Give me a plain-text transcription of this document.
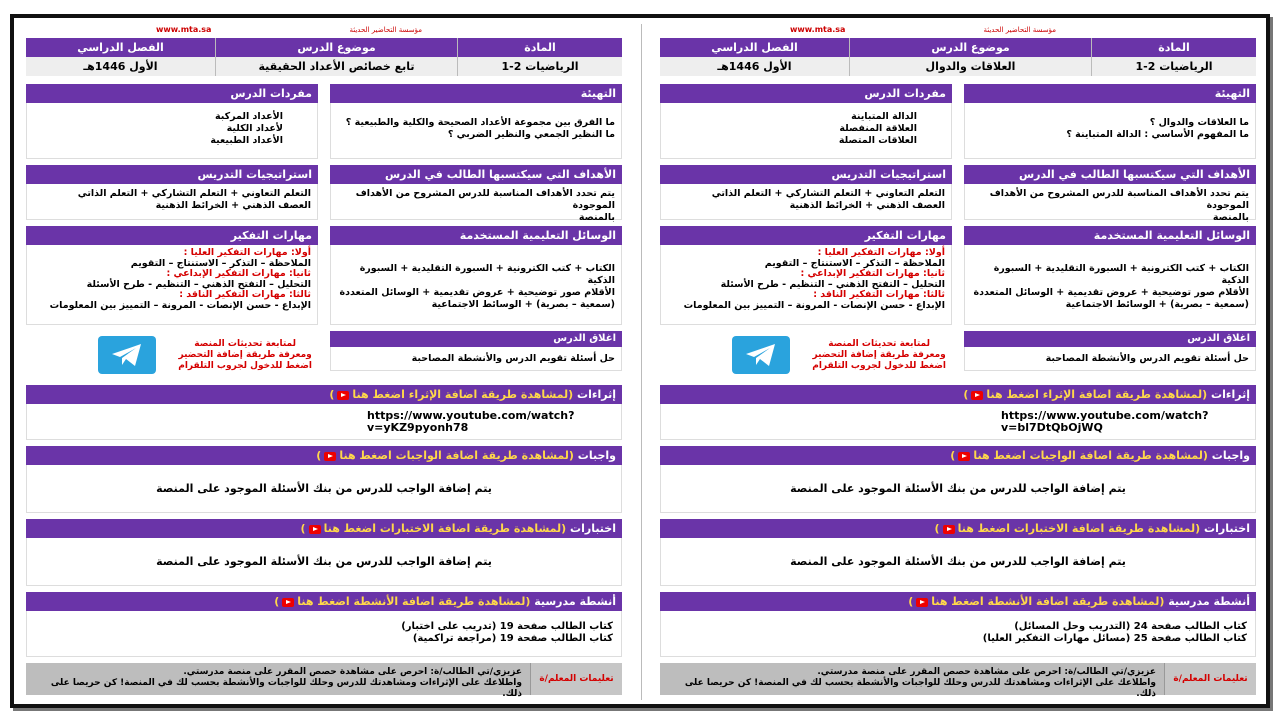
مؤسسة التحاضير الحديثة
www.mta.sa
المادة
الرياضيات 2-1
موضوع الدرس
العلاقات والدوال
الفصل الدراسي
الأول 1446هـ
التهيئة
ما العلاقات والدوال ؟
ما المفهوم الأساسي : الدالة المتباينة ؟
الأهداف التي سيكتسبها الطالب في الدرس
يتم تحدد الأهداف المناسبة للدرس المشروح من الأهداف الموجودة
بالمنصة
الوسائل التعليمية المستخدمة
الكتاب + كتب الكترونية + السبورة التقليدية + السبورة الذكية
الأقلام صور توضيحية + عروض تقديمية + الوسائل المتعددة
(سمعية – بصرية) + الوسائط الاجتماعية
اغلاق الدرس
حل أسئلة تقويم الدرس والأنشطة المصاحبة
مفردات الدرس
الدالة المتباينة
العلاقة المنفصلة
العلاقات المتصلة
استراتيجيات التدريس
التعلم التعاوني + التعلم التشاركي + التعلم الذاتي
العصف الذهني + الخرائط الذهنية
مهارات التفكير
أولا: مهارات التفكير العليا :
الملاحظة – التذكر – الاستنتاج – التقويم
ثانيا: مهارات التفكير الإبداعي :
التحليل – التفتح الذهني – التنظيم - طرح الأسئلة
ثالثا: مهارات التفكير الناقد :
الإبداع - حسن الإنصات - المرونة – التمييز بين المعلومات
لمتابعة تحديثات المنصة
ومعرفة طريقة إضافة التحضير
اضغط للدخول لجروب التلقرام
إثراءات (لمشاهدة طريقة اضافة الإثراء اضغط هنا)
https://www.youtube.com/watch?v=bl7DtQbOjWQ
واجبات (لمشاهدة طريقة اضافة الواجبات اضغط هنا)
يتم إضافة الواجب للدرس من بنك الأسئلة الموجود على المنصة
اختبارات (لمشاهدة طريقة اضافة الاختبارات اضغط هنا)
يتم إضافة الواجب للدرس من بنك الأسئلة الموجود على المنصة
أنشطة مدرسية (لمشاهدة طريقة اضافة الأنشطة اضغط هنا)
كتاب الطالب صفحة 24 (التدريب وحل المسائل)
كتاب الطالب صفحة 25 (مسائل مهارات التفكير العليا)
تعليمات المعلم/ة
عزيزي/تي الطالب/ة: احرص على مشاهدة حصص المقرر على منصة مدرستي.
واطلاعك على الإثراءات ومشاهدتك للدرس وحلك للواجبات والأنشطة بحسب لك في المنصة! كن حريصا على ذلك.
مؤسسة التحاضير الحديثة
www.mta.sa
المادة
الرياضيات 2-1
موضوع الدرس
تابع خصائص الأعداد الحقيقية
الفصل الدراسي
الأول 1446هـ
التهيئة
ما الفرق بين مجموعة الأعداد الصحيحة والكلية والطبيعية ؟
ما النظير الجمعي والنظير الضربي ؟
الأهداف التي سيكتسبها الطالب في الدرس
يتم تحدد الأهداف المناسبة للدرس المشروح من الأهداف الموجودة
بالمنصة
الوسائل التعليمية المستخدمة
الكتاب + كتب الكترونية + السبورة التقليدية + السبورة الذكية
الأقلام صور توضيحية + عروض تقديمية + الوسائل المتعددة
(سمعية – بصرية) + الوسائط الاجتماعية
اغلاق الدرس
حل أسئلة تقويم الدرس والأنشطة المصاحبة
مفردات الدرس
الأعداد المركبة
لأعداد الكلية
الأعداد الطبيعية
استراتيجيات التدريس
التعلم التعاوني + التعلم التشاركي + التعلم الذاتي
العصف الذهني + الخرائط الذهنية
مهارات التفكير
أولا: مهارات التفكير العليا :
الملاحظة – التذكر – الاستنتاج – التقويم
ثانيا: مهارات التفكير الإبداعي :
التحليل – التفتح الذهني – التنظيم - طرح الأسئلة
ثالثا: مهارات التفكير الناقد :
الإبداع - حسن الإنصات - المرونة – التمييز بين المعلومات
لمتابعة تحديثات المنصة
ومعرفة طريقة إضافة التحضير
اضغط للدخول لجروب التلقرام
إثراءات (لمشاهدة طريقة اضافة الإثراء اضغط هنا)
https://www.youtube.com/watch?v=yKZ9pyonh78
واجبات (لمشاهدة طريقة اضافة الواجبات اضغط هنا)
يتم إضافة الواجب للدرس من بنك الأسئلة الموجود على المنصة
اختبارات (لمشاهدة طريقة اضافة الاختبارات اضغط هنا)
يتم إضافة الواجب للدرس من بنك الأسئلة الموجود على المنصة
أنشطة مدرسية (لمشاهدة طريقة اضافة الأنشطة اضغط هنا)
كتاب الطالب صفحة 19 (تدريب على اختبار)
كتاب الطالب صفحة 19 (مراجعة تراكمية)
تعليمات المعلم/ة
عزيزي/تي الطالب/ة: احرص على مشاهدة حصص المقرر على منصة مدرستي.
واطلاعك على الإثراءات ومشاهدتك للدرس وحلك للواجبات والأنشطة بحسب لك في المنصة! كن حريصا على ذلك.
